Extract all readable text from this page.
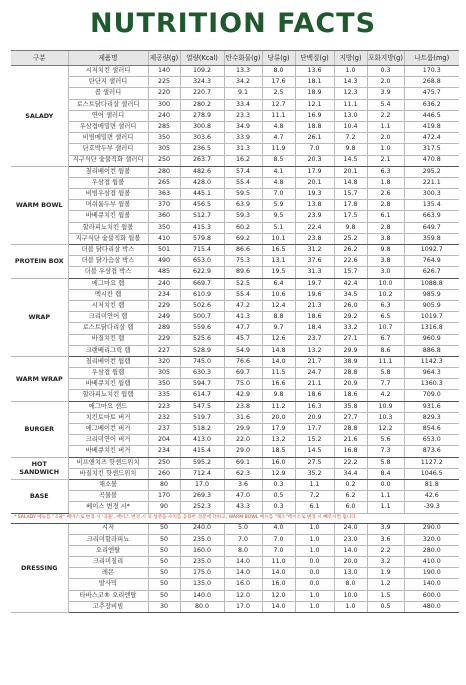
NUTRITION FACTS
구분	제품명	제공량(g)	열량(Kcal)	탄수화물(g)	당류(g)	단백질(g)	지방(g)	포화지방(g)	나트륨(mg)
SALADY	시저치킨 샐러디	140	109.2	13.3	8.0	13.6	1.0	0.3	170.3
	탄단지 샐러디	225	324.3	34.2	17.6	18.1	14.3	2.0	268.8
	콥 샐러디	220	220.7	9.1	2.5	18.9	12.3	3.9	475.7
	로스트닭다리살 샐러디	300	280.2	33.4	12.7	12.1	11.1	5.4	636.2
	연어 샐러디	240	278.9	23.3	11.1	16.9	13.0	2.2	446.5
	우삼겹메밀면 샐러디	285	300.8	34.9	4.8	18.8	10.4	1.1	419.8
	비빔메밀면 샐러디	350	303.6	33.9	4.7	26.1	7.2	2.0	472.4
	단호박두부 샐러디	305	236.5	31.3	11.9	7.0	9.8	1.0	317.5
	지구식단 숯불직화 샐러디	250	263.7	16.2	8.5	20.3	14.5	2.1	470.8
WARM BOWL	칠리베이컨 웜볼	280	482.6	57.4	4.1	17.9	20.1	6.3	295.2
	우삼겹 웜볼	265	428.0	55.4	4.8	20.1	14.8	1.8	221.1
	비빔우삼겹 웜볼	363	445.1	59.5	7.0	19.3	15.7	2.6	300.3
	머쉬룸두부 웜볼	370	456.5	63.9	5.9	13.8	17.8	2.8	135.4
	바베큐치킨 웜볼	360	512.7	59.3	9.5	23.9	17.5	6.1	663.9
	할라피뇨치킨 웜볼	350	415.3	60.2	5.1	22.4	9.8	2.8	649.7
	지구식단 숯불직화 웜볼	410	579.8	69.2	10.1	23.8	25.2	3.8	359.8
PROTEIN BOX	더블 닭다리살 박스	501	715.4	86.6	16.5	31.2	26.2	9.8	1092.7
	더블 닭가슴살 박스	490	653.0	75.3	13.1	37.6	22.6	3.8	764.9
	더블 우삼겹 박스	485	622.9	89.6	19.5	31.3	15.7	3.0	626.7
WRAP	에그마요 랩	240	669.7	52.5	6.4	19.7	42.4	10.0	1088.8
	멕시칸 랩	234	610.9	55.4	10.6	19.6	34.5	10.2	985.9
	시저치킨 랩	229	502.6	47.2	12.4	21.3	26.0	6.3	905.9
	크리미연어 랩	249	500.7	41.3	8.8	18.6	29.2	6.5	1019.7
	로스트닭다리살 랩	289	559.6	47.7	9.7	18.4	33.2	10.7	1316.8
	바질치킨 랩	229	525.6	45.7	12.6	23.7	27.1	6.7	960.9
	크랜베리그릭 랩	227	528.9	54.9	14.8	13.2	29.9	8.6	886.8
WARM WRAP	칠리베이컨 웜랩	320	745.0	76.6	14.0	21.7	38.9	11.1	1142.3
	우삼겹 웜랩	305	630.3	69.7	11.5	24.7	28.8	5.8	964.3
	바베큐치킨 웜랩	350	594.7	75.0	16.6	21.1	20.9	7.7	1360.3
	할라피뇨치킨 웜랩	335	614.7	42.9	9.8	18.6	18.6	4.2	709.0
BURGER	에그마요 샌드	223	547.5	23.8	11.2	16.3	35.8	10.9	931.6
	치킨토마토 버거	232	519.7	31.6	20.0	20.9	27.7	10.3	829.3
	에그베이컨 버거	237	518.2	29.9	17.9	17.7	28.8	12.2	854.6
	크리미연어 버거	204	413.0	22.0	13.2	15.2	21.6	5.6	653.0
	바베큐치킨 버거	234	415.4	29.0	18.5	14.5	16.8	7.3	873.6
HOT SANDWICH	비프앤치즈 핫샌드위치	250	595.2	69.1	16.0	27.5	22.2	5.8	1127.2
	바질치킨 핫샌드위치	260	712.4	62.3	12.9	35.2	34.4	8.4	1046.5
BASE	채소볼	80	17.0	3.6	0.3	1.1	0.2	0.0	81.8
	곡물볼	170	269.3	47.0	0.5	7.2	6.2	1.1	42.6
	베이스 변경 시*	90	252.3	43.3	0.3	6.1	6.0	1.1	-39.3
* SALADY 메뉴를 "곡물" 베이스로 변경 시 '곡물', 베이스 변경 시 의 성분을 수치를 응용한 성분에 더하고, WARM BOWL 메뉴를 "채소"베이스로 변경 시 빼주시면 됩니다.									
DRESSING	시저	50	240.0	5.0	4.0	1.0	24.0	3.9	290.0
	크리미할라피뇨	50	235.0	7.0	7.0	1.0	23.0	3.6	320.0
	오리엔탈	50	160.0	8.0	7.0	1.0	14.0	2.2	280.0
	크리미칠리	50	235.0	14.0	11.0	0.0	20.0	3.2	410.0
	레몬	50	175.0	14.0	14.0	0.0	13.0	1.9	190.0
	발사믹	50	135.0	16.0	16.0	0.0	8.0	1.2	140.0
	타바스코® 오리엔탈	50	140.0	12.0	12.0	1.0	10.0	1.5	600.0
	고추장비빔	30	80.0	17.0	14.0	1.0	1.0	0.5	480.0
